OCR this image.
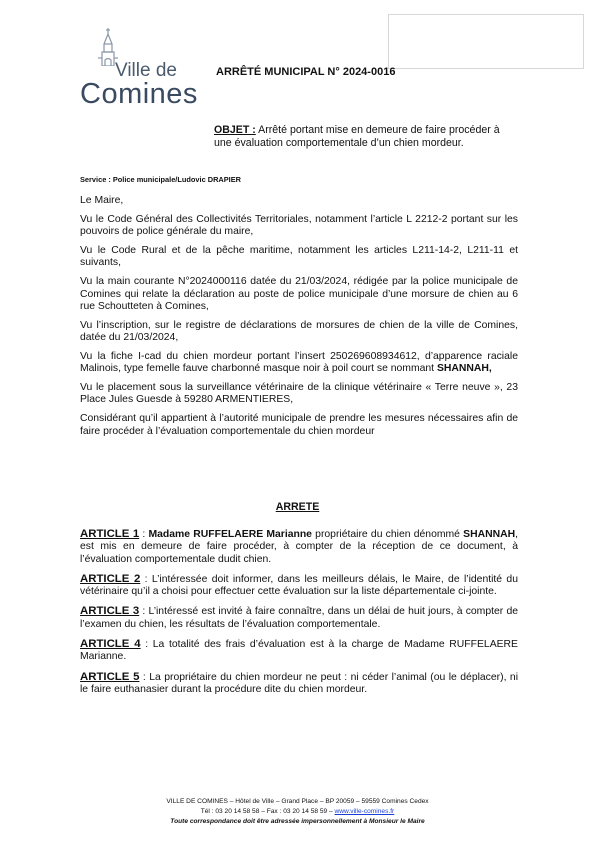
Ville de
Comines
ARRÊTÉ MUNICIPAL N° 2024-0016
OBJET : Arrêté portant mise en demeure de faire procéder à une évaluation comportementale d’un chien mordeur.
Service : Police municipale/Ludovic DRAPIER

Le Maire,

Vu le Code Général des Collectivités Territoriales, notamment l’article L 2212-2 portant sur les pouvoirs de police générale du maire,

Vu le Code Rural et de la pêche maritime, notamment les articles L211-14-2, L211-11 et suivants,

Vu la main courante N°2024000116 datée du 21/03/2024, rédigée par la police municipale de Comines qui relate la déclaration au poste de police municipale d’une morsure de chien au 6 rue Schoutteten à Comines,

Vu l’inscription, sur le registre de déclarations de morsures de chien de la ville de Comines, datée du 21/03/2024,

Vu la fiche I-cad du chien mordeur portant l’insert 250269608934612, d’apparence raciale Malinois, type femelle fauve charbonné masque noir à poil court se nommant SHANNAH,

Vu le placement sous la surveillance vétérinaire de la clinique vétérinaire « Terre neuve », 23 Place Jules Guesde à 59280 ARMENTIERES,

Considérant qu’il appartient à l’autorité municipale de prendre les mesures nécessaires afin de faire procéder à l’évaluation comportementale du chien mordeur

ARRETE

ARTICLE 1 : Madame RUFFELAERE Marianne propriétaire du chien dénommé SHANNAH, est mis en demeure de faire procéder, à compter de la réception de ce document, à l’évaluation comportementale dudit chien.

ARTICLE 2 : L’intéressée doit informer, dans les meilleurs délais, le Maire, de l’identité du vétérinaire qu’il a choisi pour effectuer cette évaluation sur la liste départementale ci-jointe.

ARTICLE 3 : L’intéressé est invité à faire connaître, dans un délai de huit jours, à compter de l’examen du chien, les résultats de l’évaluation comportementale.

ARTICLE 4 : La totalité des frais d’évaluation est à la charge de Madame RUFFELAERE Marianne.

ARTICLE 5 : La propriétaire du chien mordeur ne peut : ni céder l’animal (ou le déplacer), ni le faire euthanasier durant la procédure dite du chien mordeur.

VILLE DE COMINES – Hôtel de Ville – Grand Place – BP 20059 – 59559 Comines Cedex
Tél : 03 20 14 58 58 – Fax : 03 20 14 58 59 – www.ville-comines.fr
Toute correspondance doit être adressée impersonnellement à Monsieur le Maire
